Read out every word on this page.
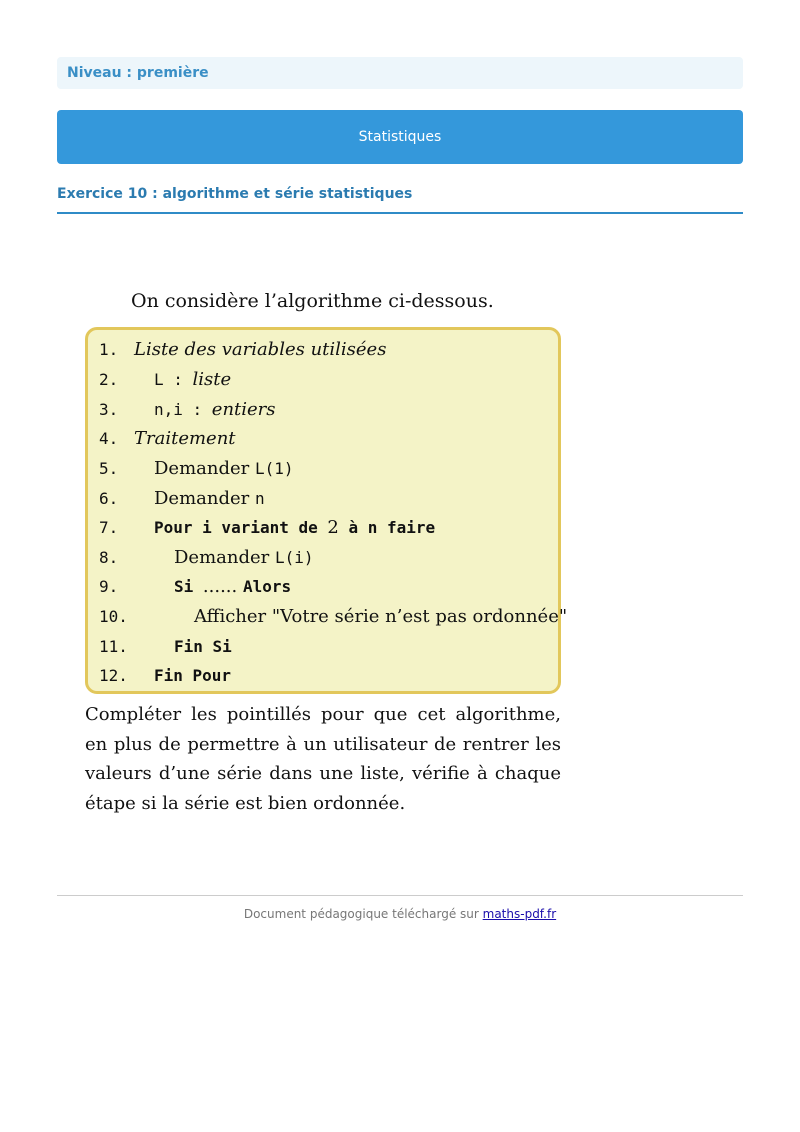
Niveau : première
Statistiques
Exercice 10 : algorithme et série statistiques
On considère l’algorithme ci-dessous.
1. Liste des variables utilisées
2.	L : liste
3.	n,i : entiers
4. Traitement
5.	Demander L(1)
6.	Demander n
7.	Pour i variant de 2 à n faire
8.	Demander L(i)
9.	Si ...... Alors
10.	Afficher "Votre série n’est pas ordonnée"
11.	Fin Si
12.	Fin Pour
Compléter les pointillés pour que cet algorithme, en plus de permettre à un utilisateur de rentrer les valeurs d’une série dans une liste, vérifie à chaque étape si la série est bien ordonnée.
Document pédagogique téléchargé sur maths-pdf.fr
